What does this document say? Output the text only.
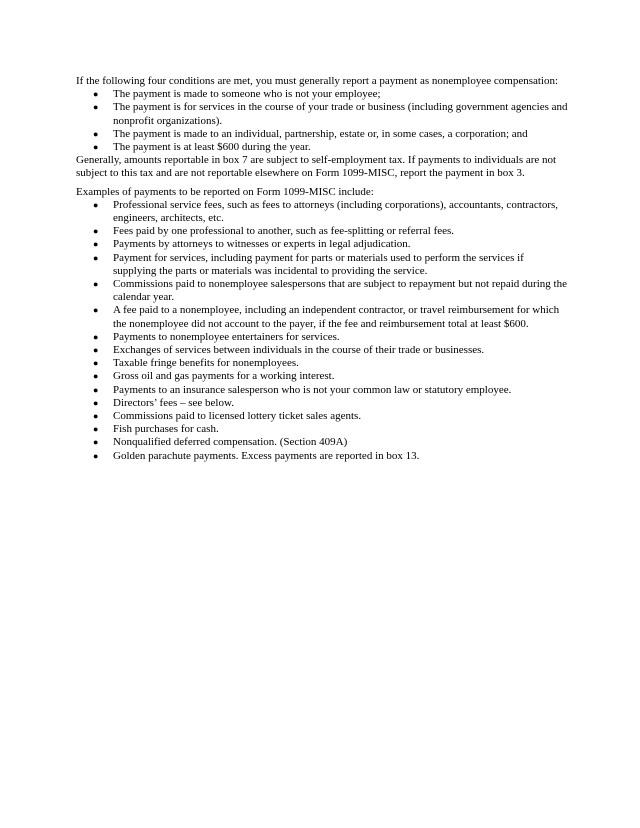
If the following four conditions are met, you must generally report a payment as nonemployee compensation:

● The payment is made to someone who is not your employee;
● The payment is for services in the course of your trade or business (including government agencies and nonprofit organizations).
● The payment is made to an individual, partnership, estate or, in some cases, a corporation; and
● The payment is at least $600 during the year.

Generally, amounts reportable in box 7 are subject to self-employment tax. If payments to individuals are not subject to this tax and are not reportable elsewhere on Form 1099-MISC, report the payment in box 3.

Examples of payments to be reported on Form 1099-MISC include:

● Professional service fees, such as fees to attorneys (including corporations), accountants, contractors, engineers, architects, etc.
● Fees paid by one professional to another, such as fee-splitting or referral fees.
● Payments by attorneys to witnesses or experts in legal adjudication.
● Payment for services, including payment for parts or materials used to perform the services if supplying the parts or materials was incidental to providing the service.
● Commissions paid to nonemployee salespersons that are subject to repayment but not repaid during the calendar year.
● A fee paid to a nonemployee, including an independent contractor, or travel reimbursement for which the nonemployee did not account to the payer, if the fee and reimbursement total at least $600.
● Payments to nonemployee entertainers for services.
● Exchanges of services between individuals in the course of their trade or businesses.
● Taxable fringe benefits for nonemployees.
● Gross oil and gas payments for a working interest.
● Payments to an insurance salesperson who is not your common law or statutory employee.
● Directors’ fees – see below.
● Commissions paid to licensed lottery ticket sales agents.
● Fish purchases for cash.
● Nonqualified deferred compensation. (Section 409A)
● Golden parachute payments. Excess payments are reported in box 13.
